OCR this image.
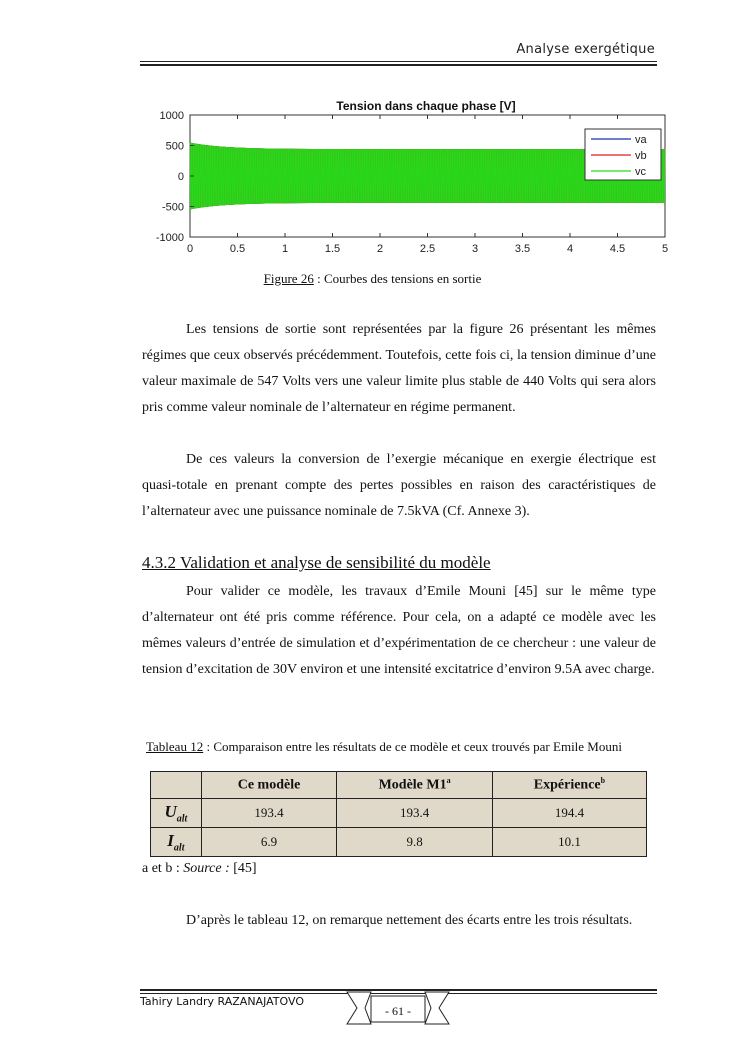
Analyse exergétique
Tension dans chaque phase [V]
0	0.5	1	1.5	2	2.5	3	3.5	4	4.5	5
1000
500
0
-500
-1000
va
vb
vc
Figure 26 : Courbes des tensions en sortie
Les tensions de sortie sont représentées par la figure 26 présentant les mêmes régimes que ceux observés précédemment. Toutefois, cette fois ci, la tension diminue d’une valeur maximale de 547 Volts vers une valeur limite plus stable de 440 Volts qui sera alors pris comme valeur nominale de l’alternateur en régime permanent.
De ces valeurs la conversion de l’exergie mécanique en exergie électrique est quasi-totale en prenant compte des pertes possibles en raison des caractéristiques de l’alternateur avec une puissance nominale de 7.5kVA (Cf. Annexe 3).
4.3.2 Validation et analyse de sensibilité du modèle
Pour valider ce modèle, les travaux d’Emile Mouni [45] sur le même type d’alternateur ont été pris comme référence. Pour cela, on a adapté ce modèle avec les mêmes valeurs d’entrée de simulation et d’expérimentation de ce chercheur : une valeur de tension d’excitation de 30V environ et une intensité excitatrice d’environ 9.5A avec charge.
Tableau 12 : Comparaison entre les résultats de ce modèle et ceux trouvés par Emile Mouni
	Ce modèle	Modèle M1$^a$	Expérience$^b$
$U_{alt}$	193.4	193.4	194.4
$I_{alt}$	6.9	9.8	10.1
a et b : Source : [45]
D’après le tableau 12, on remarque nettement des écarts entre les trois résultats.
Tahiry Landry RAZANAJATOVO
- 61 -
